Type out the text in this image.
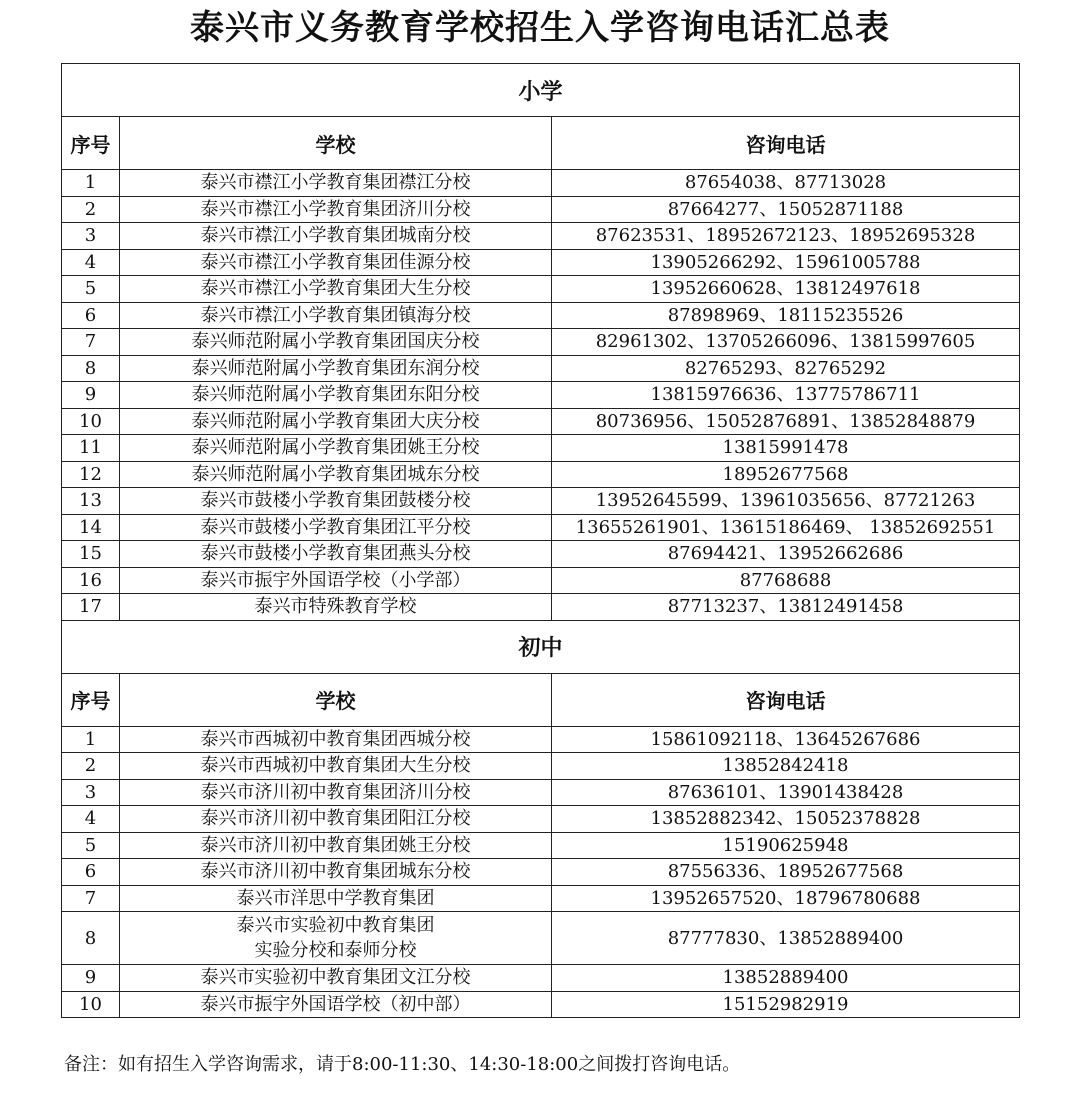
泰兴市义务教育学校招生入学咨询电话汇总表
小学		
序号	学校	咨询电话
1	泰兴市襟江小学教育集团襟江分校	87654038、87713028
2	泰兴市襟江小学教育集团济川分校	87664277、15052871188
3	泰兴市襟江小学教育集团城南分校	87623531、18952672123、18952695328
4	泰兴市襟江小学教育集团佳源分校	13905266292、15961005788
5	泰兴市襟江小学教育集团大生分校	13952660628、13812497618
6	泰兴市襟江小学教育集团镇海分校	87898969、18115235526
7	泰兴师范附属小学教育集团国庆分校	82961302、13705266096、13815997605
8	泰兴师范附属小学教育集团东润分校	82765293、82765292
9	泰兴师范附属小学教育集团东阳分校	13815976636、13775786711
10	泰兴师范附属小学教育集团大庆分校	80736956、15052876891、13852848879
11	泰兴师范附属小学教育集团姚王分校	13815991478
12	泰兴师范附属小学教育集团城东分校	18952677568
13	泰兴市鼓楼小学教育集团鼓楼分校	13952645599、13961035656、87721263
14	泰兴市鼓楼小学教育集团江平分校	13655261901、13615186469、 13852692551
15	泰兴市鼓楼小学教育集团燕头分校	87694421、13952662686
16	泰兴市振宇外国语学校（小学部）	87768688
17	泰兴市特殊教育学校	87713237、13812491458
初中		
序号	学校	咨询电话
1	泰兴市西城初中教育集团西城分校	15861092118、13645267686
2	泰兴市西城初中教育集团大生分校	13852842418
3	泰兴市济川初中教育集团济川分校	87636101、13901438428
4	泰兴市济川初中教育集团阳江分校	13852882342、15052378828
5	泰兴市济川初中教育集团姚王分校	15190625948
6	泰兴市济川初中教育集团城东分校	87556336、18952677568
7	泰兴市洋思中学教育集团	13952657520、18796780688
8	泰兴市实验初中教育集团
实验分校和泰师分校	87777830、13852889400
9	泰兴市实验初中教育集团文江分校	13852889400
10	泰兴市振宇外国语学校（初中部）	15152982919
备注：如有招生入学咨询需求，请于8:00-11:30、14:30-18:00之间拨打咨询电话。
